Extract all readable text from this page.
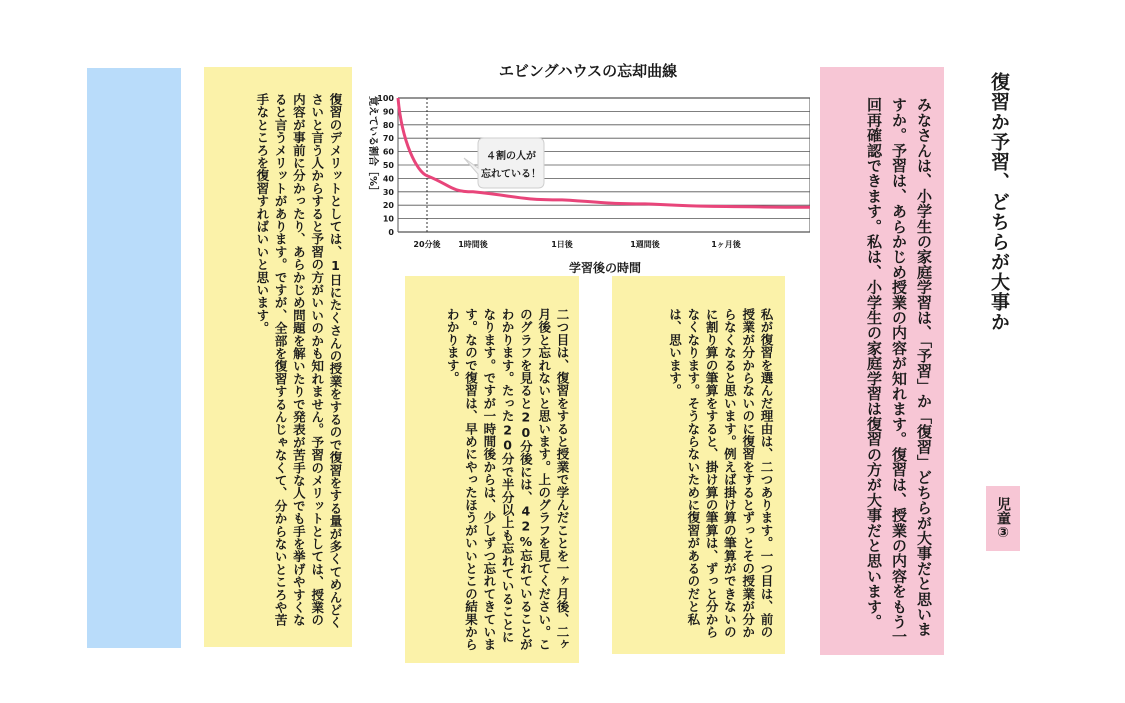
復習のデメリットとしては、1日にたくさんの授業をするので復習をする量が多くてめんどくさいと言う人からすると予習の方がいいのかも知れません。予習のメリットとしては、授業の内容が事前に分かったり、あらかじめ問題を解いたりで発表が苦手な人でも手を挙げやすくなると言うメリットがあります。ですが、全部を復習するんじゃなくて、分からないところや苦手なところを復習すればいいと思います。
エビングハウスの忘却曲線
覚えている割合［%］
0
10
20
30
40
50
60
70
80
90
100
20分後 1時間後	1日後	1週間後	1ヶ月後
４割の人が
忘れている！
学習後の時間
二つ目は、復習をすると授業で学んだことを一ヶ月後、二ヶ月後と忘れないと思います。上のグラフを見てください。このグラフを見ると20分後には、42%忘れていることがわかります。たった20分で半分以上も忘れていることになります。ですが一時間後からは、少しずつ忘れてきています。なので復習は、早めにやったほうがいいとこの結果からわかります。	私が復習を選んだ理由は、二つあります。一つ目は、前の授業が分からないのに復習をするとずっとその授業が分からなくなると思います。例えば掛け算の筆算ができないのに割り算の筆算をすると、掛け算の筆算は、ずっと分からなくなります。そうならないために復習があるのだと私は、思います。	みなさんは、小学生の家庭学習は、「予習」か「復習」どちらが大事だと思いますか。予習は、あらかじめ授業の内容が知れます。復習は、授業の内容をもう一回再確認できます。私は、小学生の家庭学習は復習の方が大事だと思います。	復習か予習、どちらが大事か
児童③
